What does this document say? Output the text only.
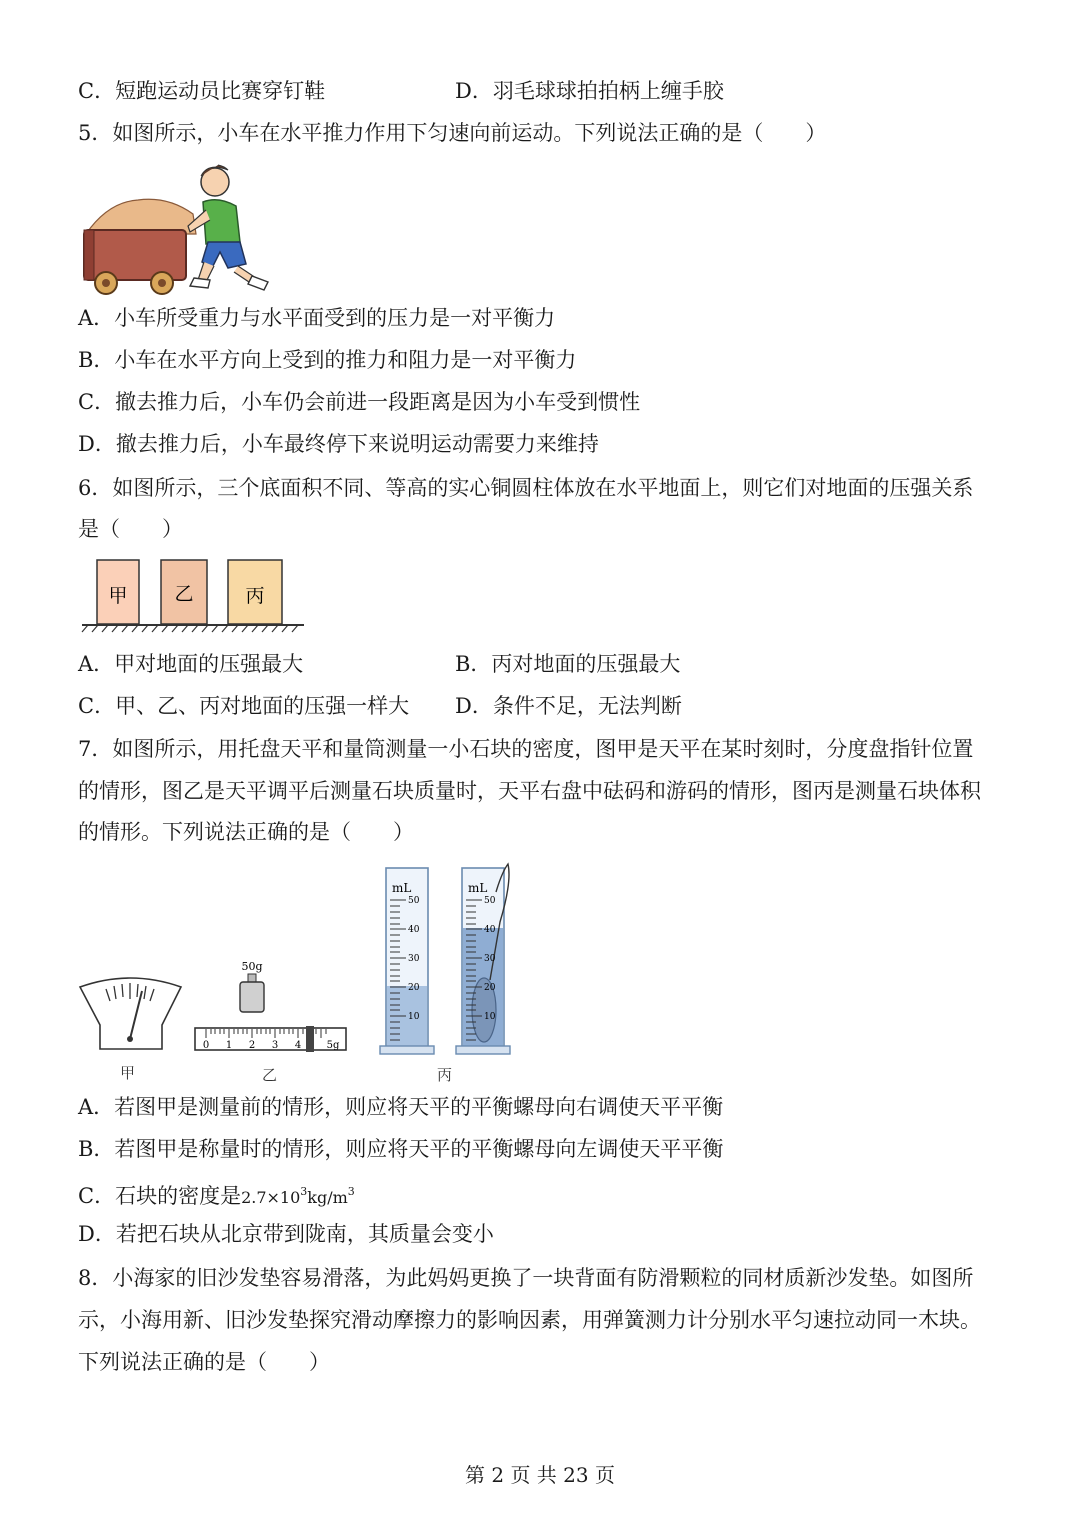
C．短跑运动员比赛穿钉鞋	D．羽毛球球拍拍柄上缠手胶
5．如图所示，小车在水平推力作用下匀速向前运动。下列说法正确的是（　　）
A．小车所受重力与水平面受到的压力是一对平衡力
B．小车在水平方向上受到的推力和阻力是一对平衡力
C．撤去推力后，小车仍会前进一段距离是因为小车受到惯性
D．撤去推力后，小车最终停下来说明运动需要力来维持
6．如图所示，三个底面积不同、等高的实心铜圆柱体放在水平地面上，则它们对地面的压强关系
是（　　）
甲 乙	丙
A．甲对地面的压强最大	B．丙对地面的压强最大
C．甲、乙、丙对地面的压强一样大 D．条件不足，无法判断
7．如图所示，用托盘天平和量筒测量一小石块的密度，图甲是天平在某时刻时，分度盘指针位置
的情形，图乙是天平调平后测量石块质量时，天平右盘中砝码和游码的情形，图丙是测量石块体积
的情形。下列说法正确的是（　　）
甲
50g
0 1 2 3 4	5g
乙
mL
50
40
30
20
10
mL
50
40
30
20
10
丙
A．若图甲是测量前的情形，则应将天平的平衡螺母向右调使天平平衡
B．若图甲是称量时的情形，则应将天平的平衡螺母向左调使天平平衡
C．石块的密度是$2.7\times 10^3kg/m^3$
D．若把石块从北京带到陇南，其质量会变小
8．小海家的旧沙发垫容易滑落，为此妈妈更换了一块背面有防滑颗粒的同材质新沙发垫。如图所
示，小海用新、旧沙发垫探究滑动摩擦力的影响因素，用弹簧测力计分别水平匀速拉动同一木块。
下列说法正确的是（　　）
第 2 页 共 23 页
